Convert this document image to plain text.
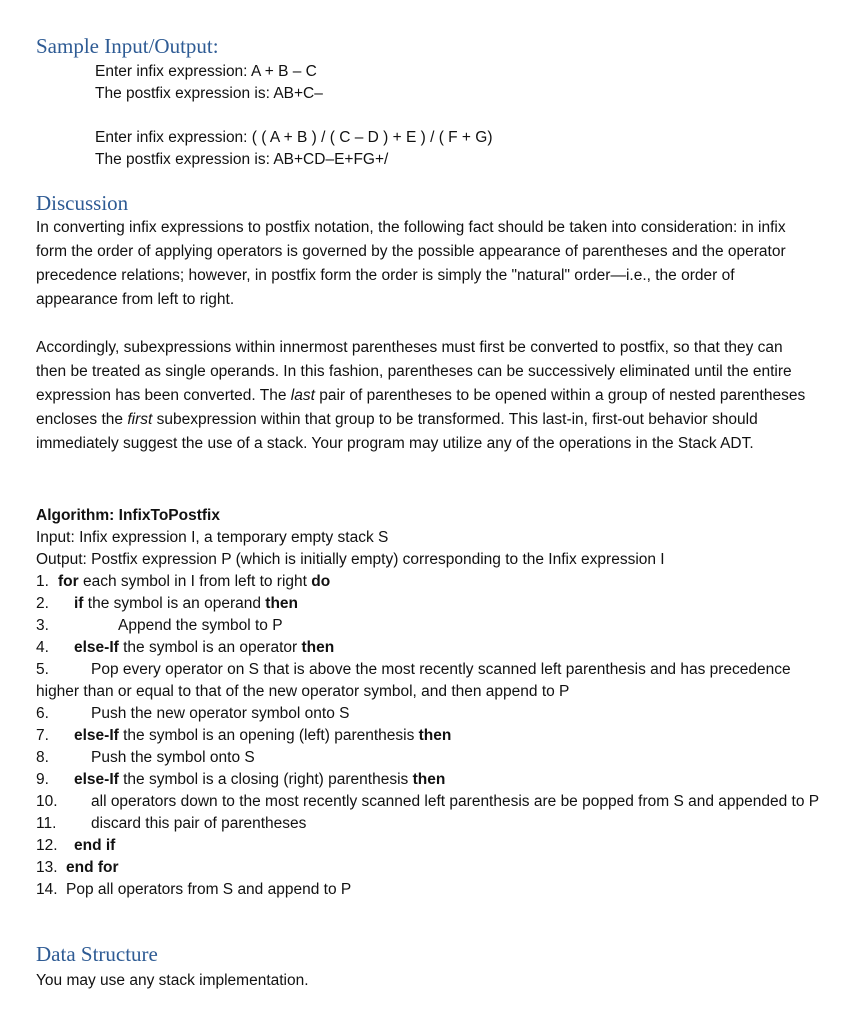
Sample Input/Output:
Enter infix expression: A + B – C
The postfix expression is: AB+C–
Enter infix expression: ( ( A + B ) / ( C – D ) + E ) / ( F + G)
The postfix expression is: AB+CD–E+FG+/
Discussion

In converting infix expressions to postfix notation, the following fact should be taken into consideration: in infix form the order of applying operators is governed by the possible appearance of parentheses and the operator precedence relations; however, in postfix form the order is simply the "natural" order—i.e., the order of appearance from left to right.

Accordingly, subexpressions within innermost parentheses must first be converted to postfix, so that they can then be treated as single operands. In this fashion, parentheses can be successively eliminated until the entire expression has been converted. The last pair of parentheses to be opened within a group of nested parentheses encloses the first subexpression within that group to be transformed. This last-in, first-out behavior should immediately suggest the use of a stack. Your program may utilize any of the operations in the Stack ADT.

Algorithm: InfixToPostfix
Input: Infix expression I, a temporary empty stack S
Output: Postfix expression P (which is initially empty) corresponding to the Infix expression I
1. for each symbol in I from left to right do
2. if the symbol is an operand then
3.	Append the symbol to P
4. else-If the symbol is an operator then
5.	Pop every operator on S that is above the most recently scanned left parenthesis and has precedence higher than or equal to that of the new operator symbol, and then append to P
6.	Push the new operator symbol onto S
7. else-If the symbol is an opening (left) parenthesis then
8.	Push the symbol onto S
9. else-If the symbol is a closing (right) parenthesis then
10. all operators down to the most recently scanned left parenthesis are be popped from S and appended to P
11. discard this pair of parentheses
12. end if
13. end for
14. Pop all operators from S and append to P
Data Structure

You may use any stack implementation.
